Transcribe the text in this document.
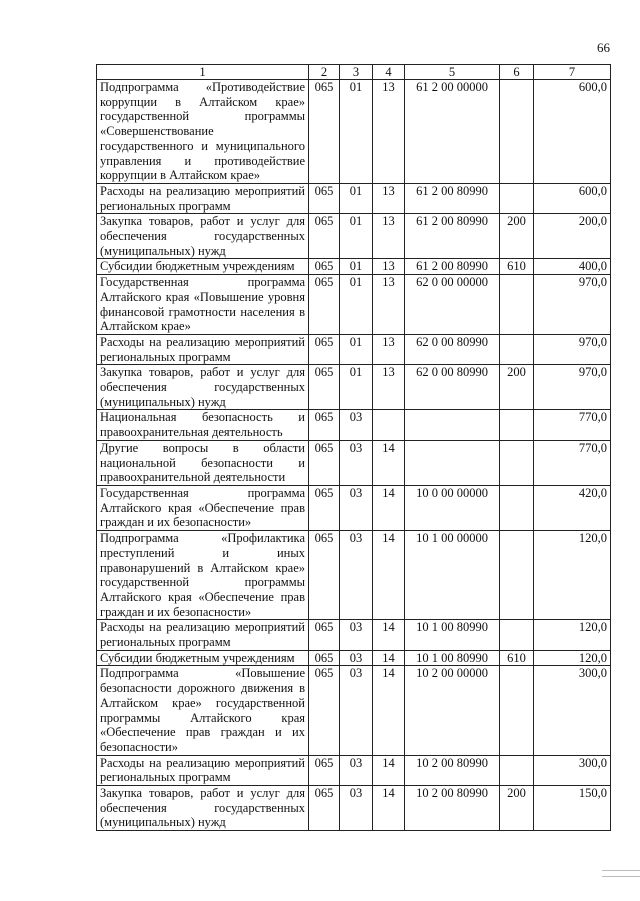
66
1	2	3	4	5	6	7
Подпрограмма «Противодействие коррупции в Алтайском крае» государственной программы «Совершенствование государственного и муниципального управления и противодействие коррупции в Алтайском крае»	065	01	13	61 2 00 00000		600,0
Расходы на реализацию мероприятий региональных программ	065	01	13	61 2 00 80990		600,0
Закупка товаров, работ и услуг для обеспечения государственных (муниципальных) нужд	065	01	13	61 2 00 80990	200	200,0
Субсидии бюджетным учреждениям	065	01	13	61 2 00 80990	610	400,0
Государственная программа Алтайского края «Повышение уровня финансовой грамотности населения в Алтайском крае»	065	01	13	62 0 00 00000		970,0
Расходы на реализацию мероприятий региональных программ	065	01	13	62 0 00 80990		970,0
Закупка товаров, работ и услуг для обеспечения государственных (муниципальных) нужд	065	01	13	62 0 00 80990	200	970,0
Национальная безопасность и правоохранительная деятельность	065	03				770,0
Другие вопросы в области национальной безопасности и правоохранительной деятельности	065	03	14			770,0
Государственная программа Алтайского края «Обеспечение прав граждан и их безопасности»	065	03	14	10 0 00 00000		420,0
Подпрограмма «Профилактика преступлений и иных правонарушений в Алтайском крае» государственной программы Алтайского края «Обеспечение прав граждан и их безопасности»	065	03	14	10 1 00 00000		120,0
Расходы на реализацию мероприятий региональных программ	065	03	14	10 1 00 80990		120,0
Субсидии бюджетным учреждениям	065	03	14	10 1 00 80990	610	120,0
Подпрограмма «Повышение безопасности дорожного движения в Алтайском крае» государственной программы Алтайского края «Обеспечение прав граждан и их безопасности»	065	03	14	10 2 00 00000		300,0
Расходы на реализацию мероприятий региональных программ	065	03	14	10 2 00 80990		300,0
Закупка товаров, работ и услуг для обеспечения государственных (муниципальных) нужд	065	03	14	10 2 00 80990	200	150,0
